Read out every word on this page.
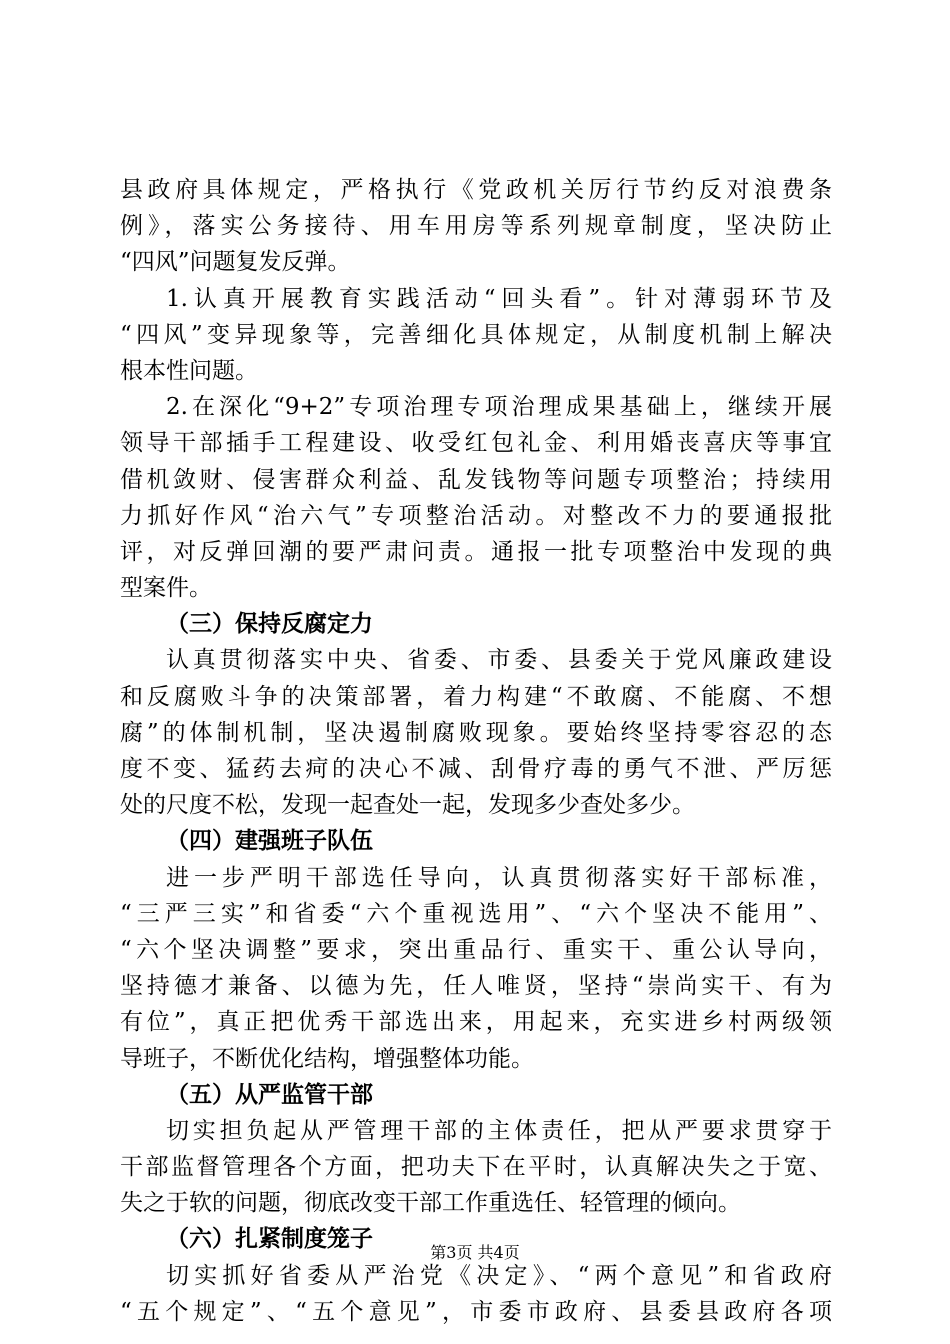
县政府具体规定，严格执行《党政机关厉行节约反对浪费条
例》，落实公务接待、用车用房等系列规章制度，坚决防止
“四风”问题复发反弹。
1.认真开展教育实践活动“回头看”。针对薄弱环节及
“四风”变异现象等，完善细化具体规定，从制度机制上解决
根本性问题。
2.在深化“9+2”专项治理专项治理成果基础上，继续开展
领导干部插手工程建设、收受红包礼金、利用婚丧喜庆等事宜
借机敛财、侵害群众利益、乱发钱物等问题专项整治；持续用
力抓好作风“治六气”专项整治活动。对整改不力的要通报批
评，对反弹回潮的要严肃问责。通报一批专项整治中发现的典
型案件。
（三）保持反腐定力
认真贯彻落实中央、省委、市委、县委关于党风廉政建设
和反腐败斗争的决策部署，着力构建“不敢腐、不能腐、不想
腐”的体制机制，坚决遏制腐败现象。要始终坚持零容忍的态
度不变、猛药去疴的决心不减、刮骨疗毒的勇气不泄、严厉惩
处的尺度不松，发现一起查处一起，发现多少查处多少。
（四）建强班子队伍
进一步严明干部选任导向，认真贯彻落实好干部标准，
“三严三实”和省委“六个重视选用”、“六个坚决不能用”、
“六个坚决调整”要求，突出重品行、重实干、重公认导向，
坚持德才兼备、以德为先，任人唯贤，坚持“崇尚实干、有为
有位”，真正把优秀干部选出来，用起来，充实进乡村两级领
导班子，不断优化结构，增强整体功能。
（五）从严监管干部
切实担负起从严管理干部的主体责任，把从严要求贯穿于
干部监督管理各个方面，把功夫下在平时，认真解决失之于宽、
失之于软的问题，彻底改变干部工作重选任、轻管理的倾向。
（六）扎紧制度笼子
切实抓好省委从严治党《决定》、“两个意见”和省政府
“五个规定”、“五个意见”，市委市政府、县委县政府各项
第3页 共4页
